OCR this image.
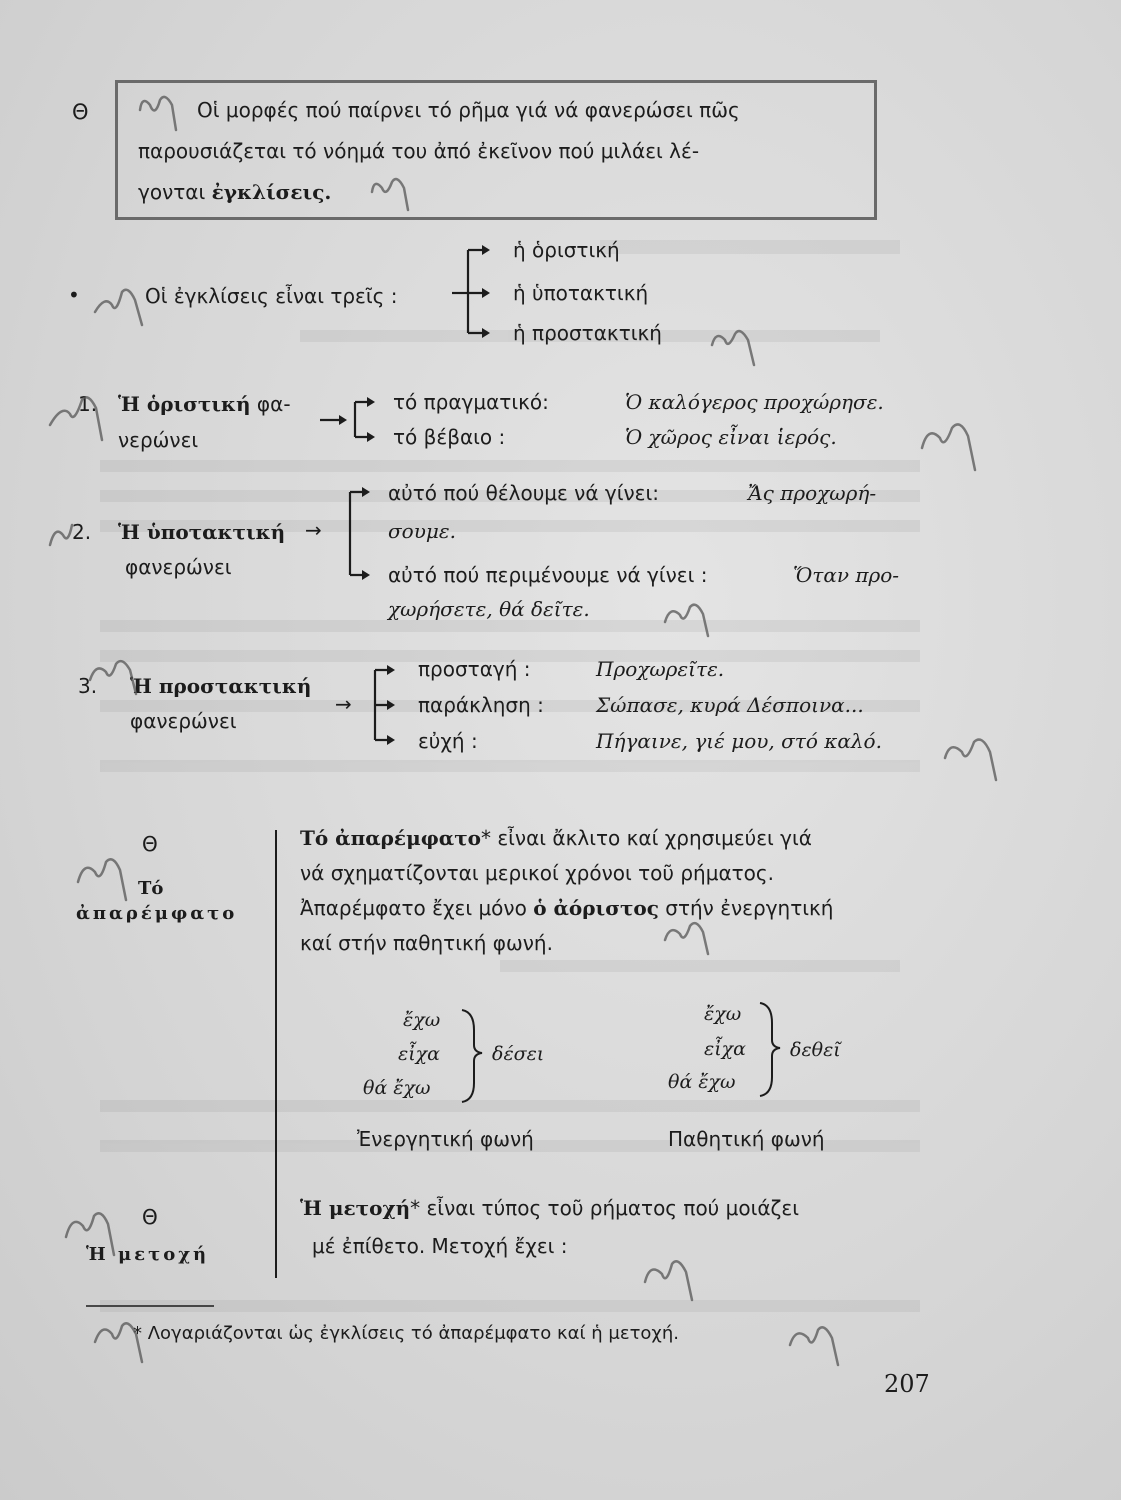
Θ	Οἱ μορφές πού παίρνει τό ρῆμα γιά νά φανερώσει πῶς
παρουσιάζεται τό νόημά του ἀπό ἐκεῖνον πού μιλάει λέ-
γονται ἐγκλίσεις.
•	Οἱ ἐγκλίσεις εἶναι τρεῖς :
ἡ ὁριστική
ἡ ὑποτακτική
ἡ προστακτική
1. Ἡ ὁριστική φα-
νερώνει
τό πραγματικό:	Ὁ καλόγερος προχώρησε.
τό βέβαιο :	Ὁ χῶρος εἶναι ἱερός.
2. Ἡ ὑποτακτική →
φανερώνει
αὐτό πού θέλουμε νά γίνει:	Ἄς προχωρή-
σουμε.
αὐτό πού περιμένουμε νά γίνει :	Ὅταν προ-
χωρήσετε, θά δεῖτε.
3. Ἡ προστακτική
φανερώνει
→
προσταγή :	Προχωρεῖτε.
παράκληση :	Σώπασε, κυρά Δέσποινα...
εὐχή :	Πήγαινε, γιέ μου, στό καλό.
Θ
Τό
ἀπαρέμφατο
Τό ἀπαρέμφατο* εἶναι ἄκλιτο καί χρησιμεύει γιά
νά σχηματίζονται μερικοί χρόνοι τοῦ ρήματος.
Ἀπαρέμφατο ἔχει μόνο ὁ ἀόριστος στήν ἐνεργητική
καί στήν παθητική φωνή.
ἔχω
εἶχα
θά ἔχω
δέσει
Ἐνεργητική φωνή
ἔχω
εἶχα
θά ἔχω
δεθεῖ
Παθητική φωνή
Θ
Ἡ μετοχή
Ἡ μετοχή* εἶναι τύπος τοῦ ρήματος πού μοιάζει
μέ ἐπίθετο. Μετοχή ἔχει :
* Λογαριάζονται ὡς ἐγκλίσεις τό ἀπαρέμφατο καί ἡ μετοχή.
207
